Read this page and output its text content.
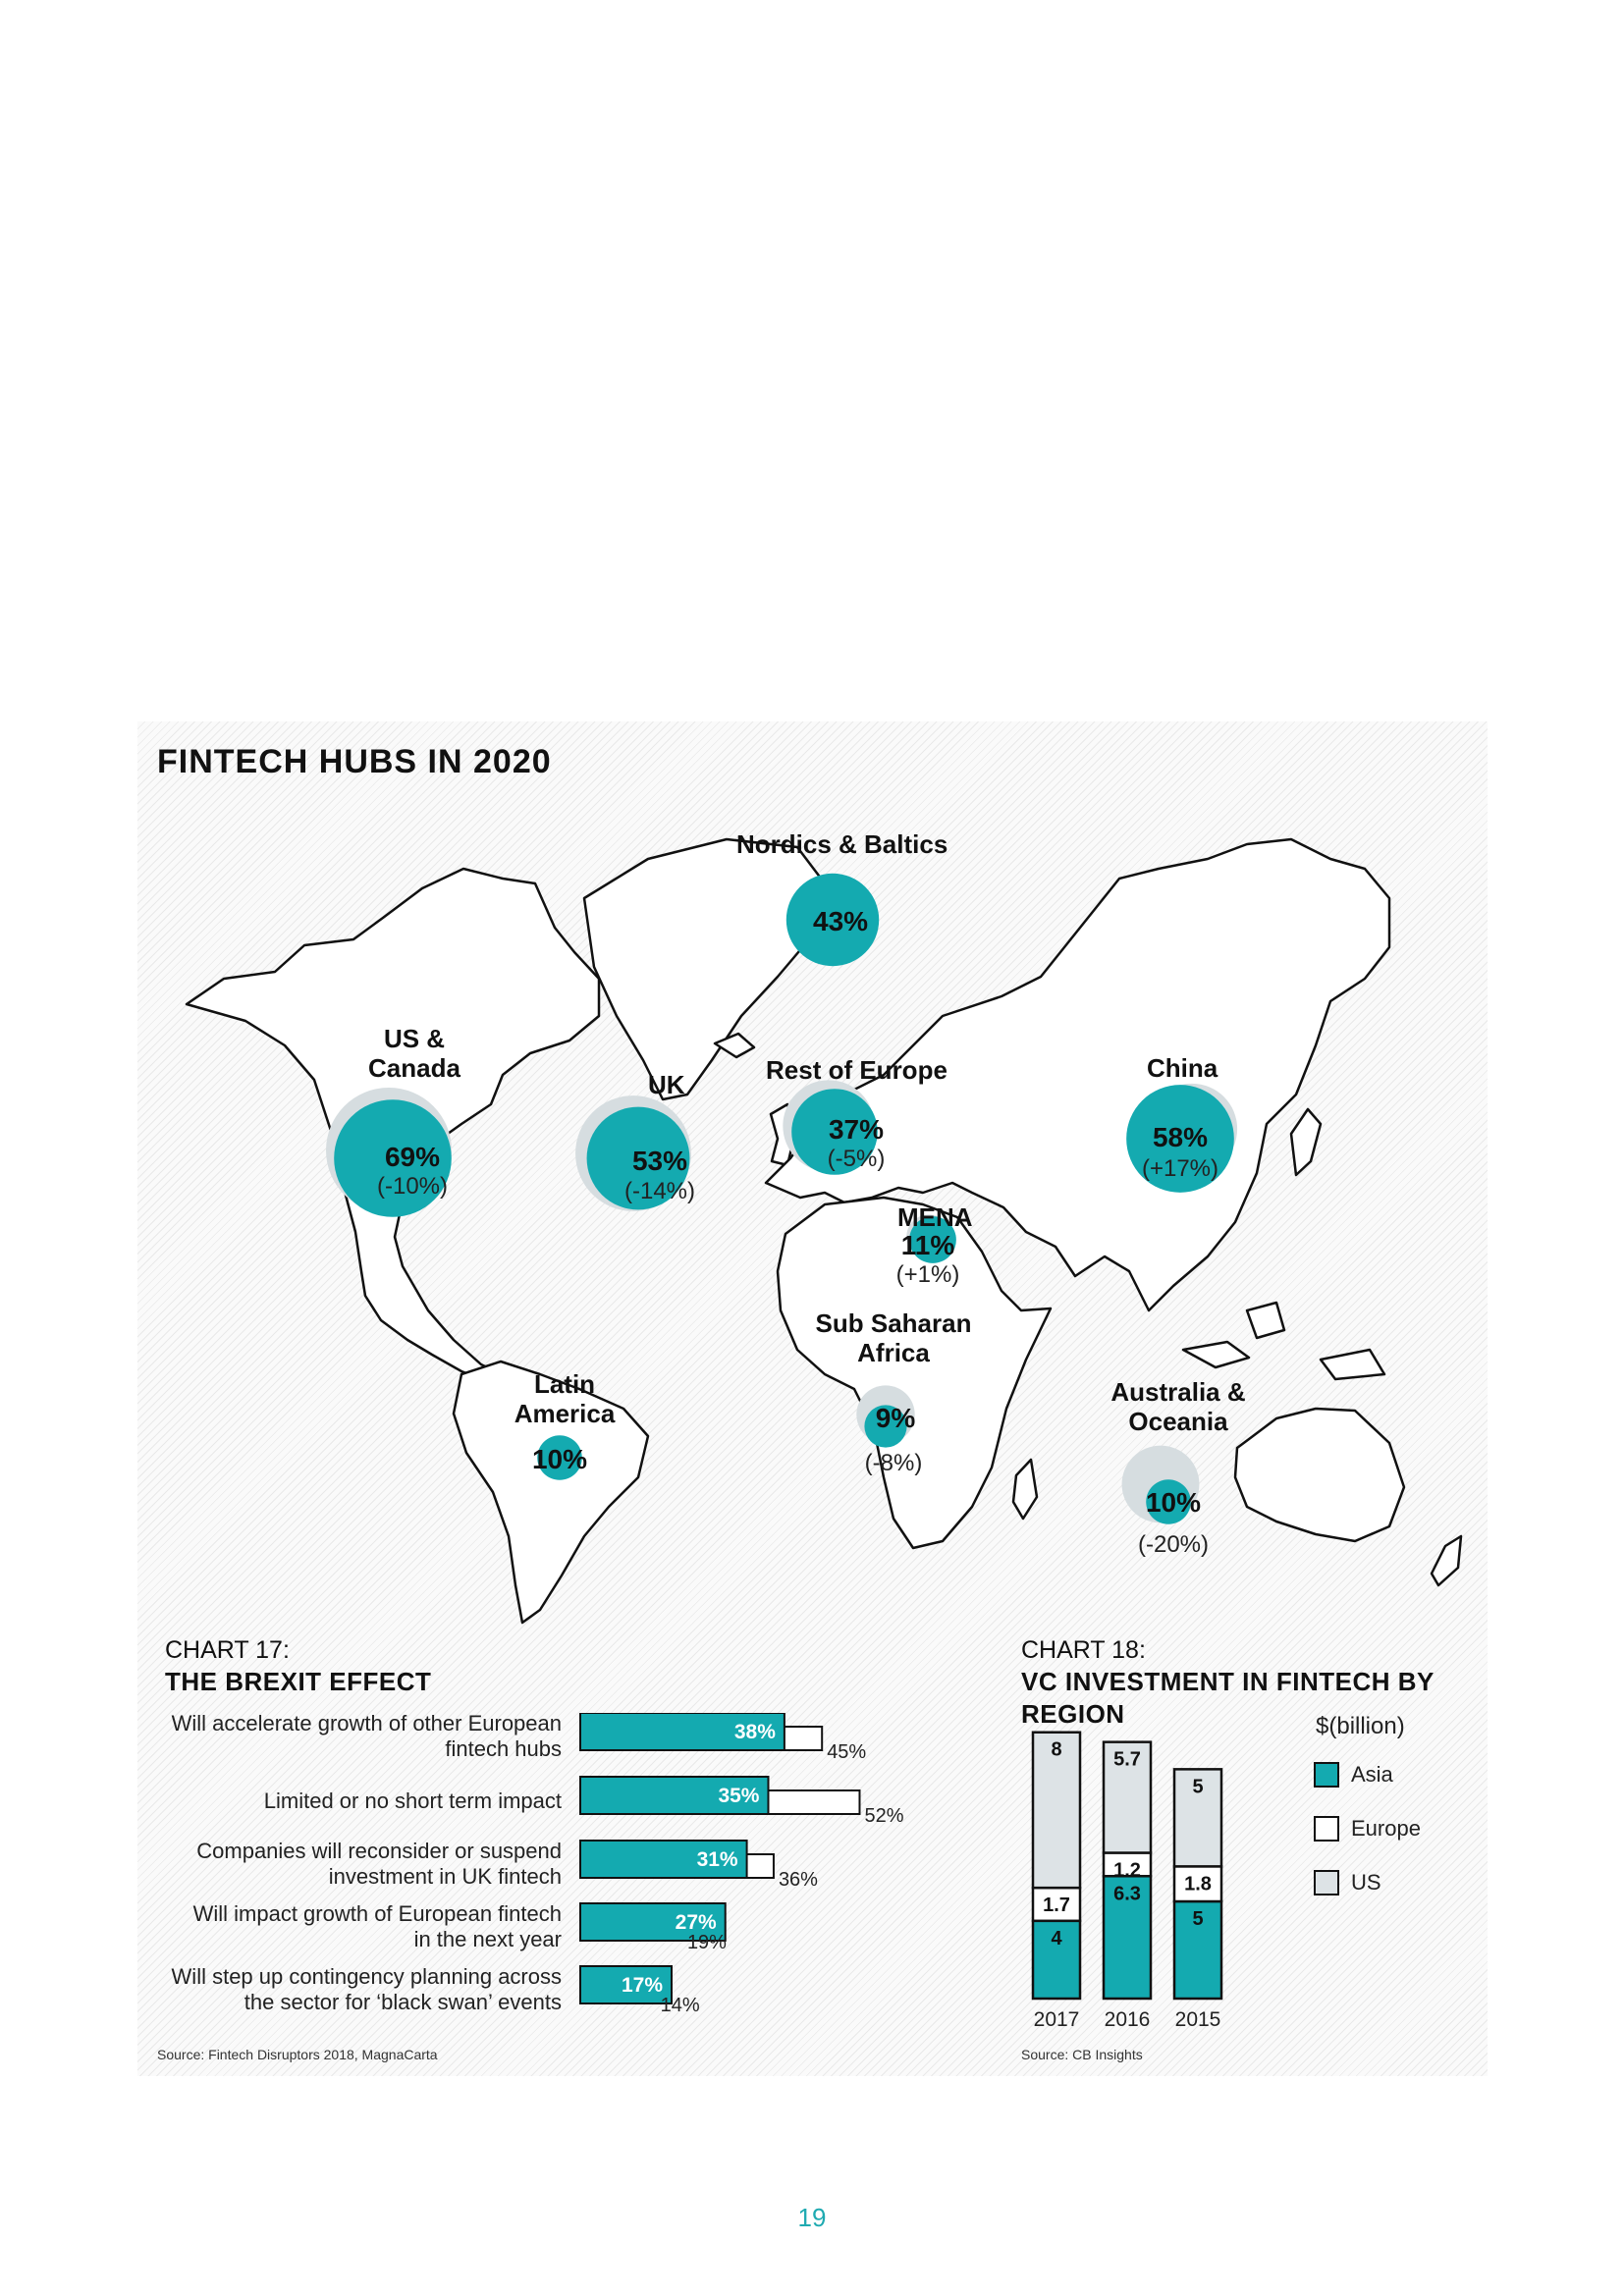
FINTECH HUBS IN 2020
Nordics & Baltics
43%
US & Canada
69%
(-10%)
UK
53%
(-14%)
Rest of Europe
37%
(-5%)
China
58%
(+17%)
MENA
11%
(+1%)
Sub Saharan Africa
9%
(-8%)
Latin America
10%
Australia & Oceania
10%
(-20%)
CHART 17:
THE BREXIT EFFECT
Will accelerate growth of other European
fintech hubs
Limited or no short term impact
Companies will reconsider or suspend
investment in UK fintech
Will impact growth of European fintech
in the next year
Will step up contingency planning across
the sector for ‘black swan’ events
38%
45%
35%
52%
31%
36%
27%
19%
17%
14%
Source: Fintech Disruptors 2018, MagnaCarta
CHART 18:
VC INVESTMENT IN FINTECH BY REGION
4
1.7
8
2017
6.3
1.2
5.7
2016
5
1.8
5
2015
$(billion)
Asia
Europe
US
Source: CB Insights
19
